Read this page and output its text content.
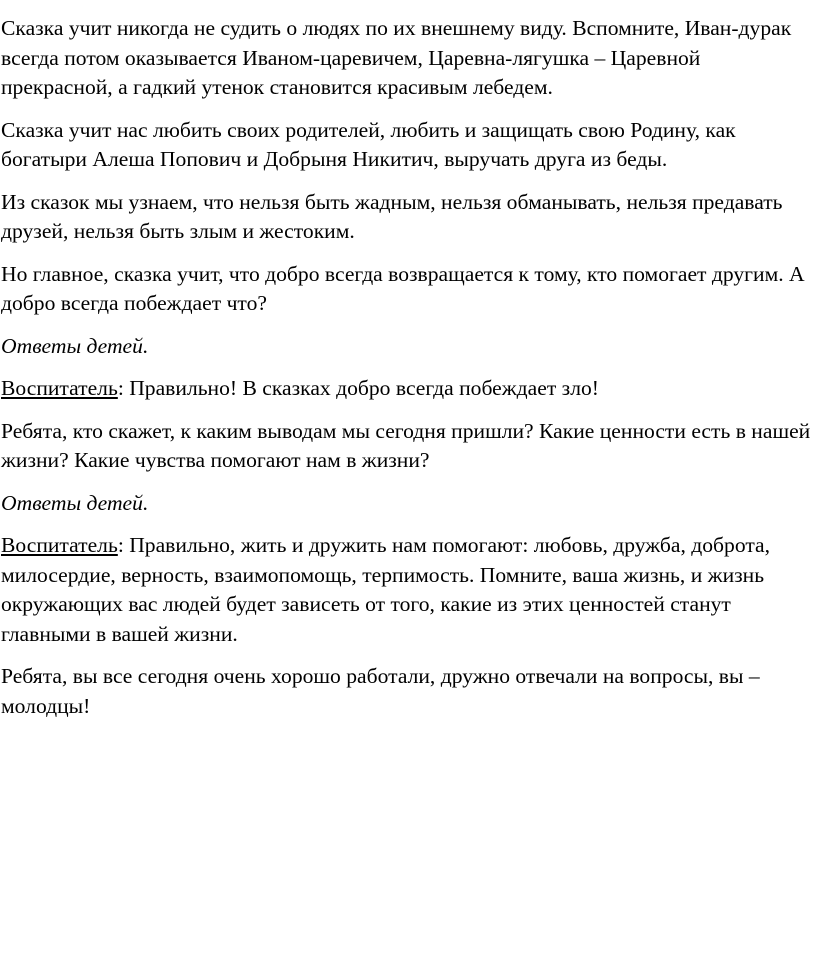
Сказка учит никогда не судить о людях по их внешнему виду. Вспомните, Иван-дурак всегда потом оказывается Иваном-царевичем, Царевна-лягушка – Царевной прекрасной, а гадкий утенок становится красивым лебедем.

Сказка учит нас любить своих родителей, любить и защищать свою Родину, как богатыри Алеша Попович и Добрыня Никитич, выручать друга из беды.

Из сказок мы узнаем, что нельзя быть жадным, нельзя обманывать, нельзя предавать друзей, нельзя быть злым и жестоким.

Но главное, сказка учит, что добро всегда возвращается к тому, кто помогает другим. А добро всегда побеждает что?

Ответы детей.

Воспитатель: Правильно! В сказках добро всегда побеждает зло!

Ребята, кто скажет, к каким выводам мы сегодня пришли? Какие ценности есть в нашей жизни? Какие чувства помогают нам в жизни?

Ответы детей.

Воспитатель: Правильно, жить и дружить нам помогают: любовь, дружба, доброта, милосердие, верность, взаимопомощь, терпимость. Помните, ваша жизнь, и жизнь окружающих вас людей будет зависеть от того, какие из этих ценностей станут главными в вашей жизни.

Ребята, вы все сегодня очень хорошо работали, дружно отвечали на вопросы, вы – молодцы!
